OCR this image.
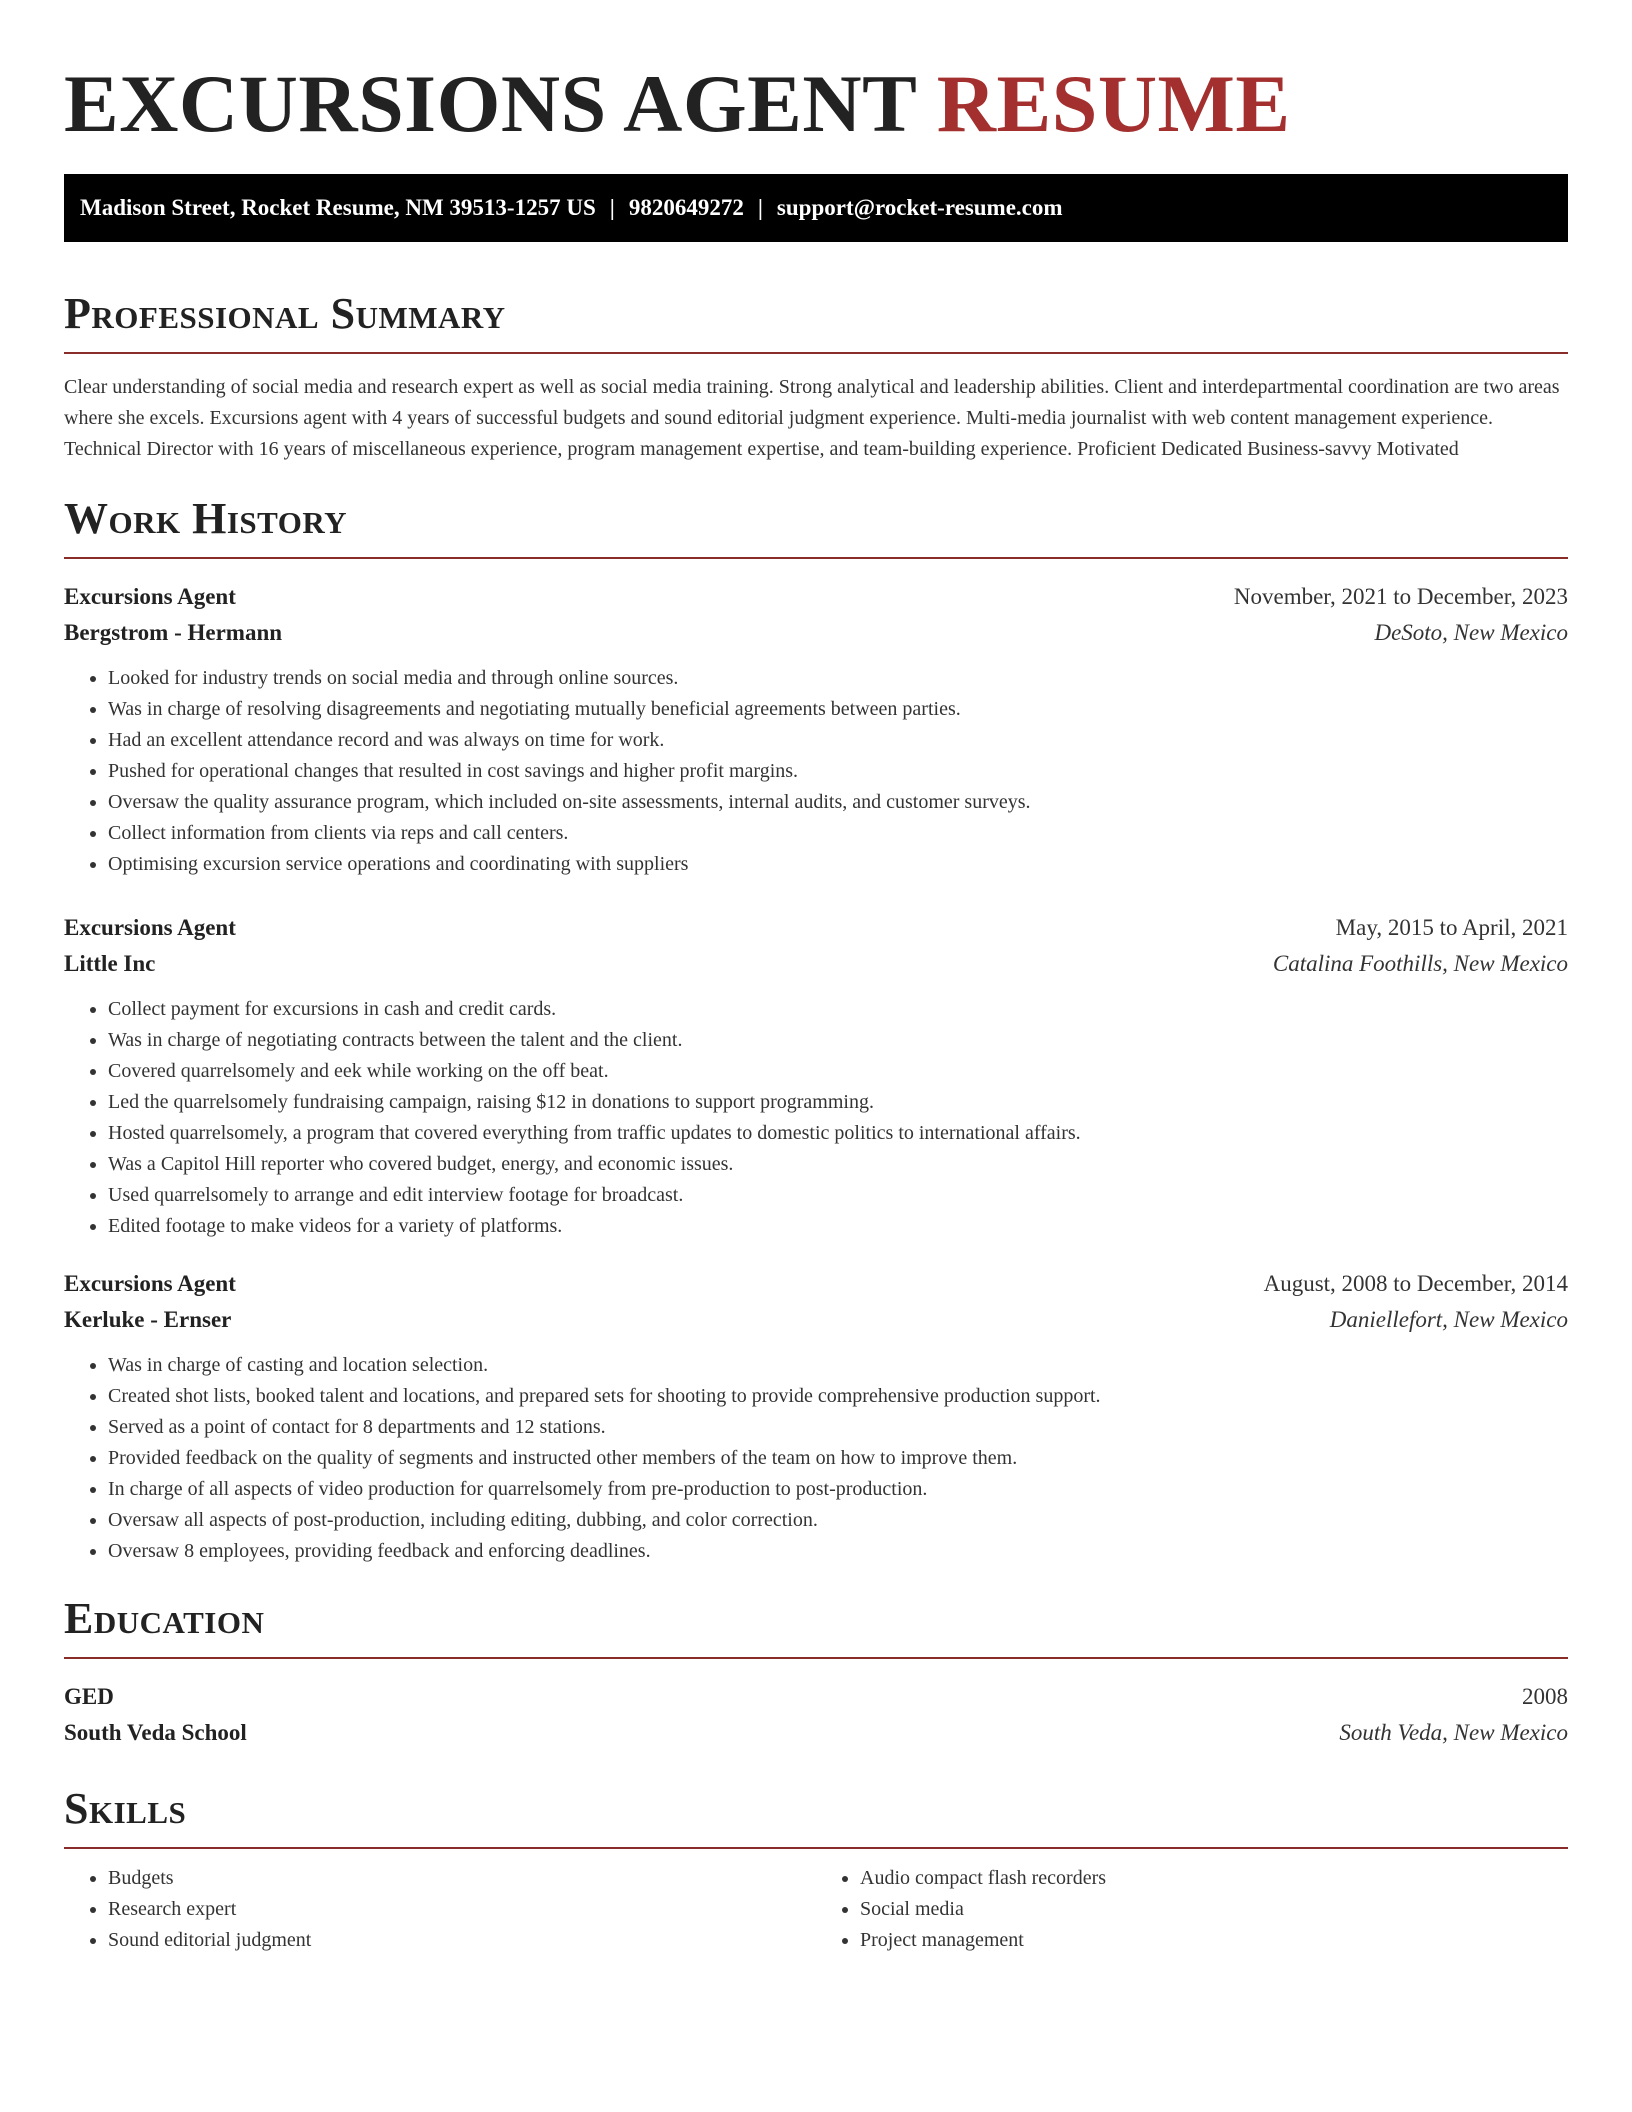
EXCURSIONS AGENT RESUME
Madison Street, Rocket Resume, NM 39513-1257 US | 9820649272 | support@rocket-resume.com
Professional Summary

Clear understanding of social media and research expert as well as social media training. Strong analytical and leadership abilities. Client and interdepartmental coordination are two areas where she excels. Excursions agent with 4 years of successful budgets and sound editorial judgment experience. Multi-media journalist with web content management experience. Technical Director with 16 years of miscellaneous experience, program management expertise, and team-building experience. Proficient Dedicated Business-savvy Motivated

Work History
Excursions Agent	November, 2021 to December, 2023
Bergstrom - Hermann	DeSoto, New Mexico
• Looked for industry trends on social media and through online sources.
• Was in charge of resolving disagreements and negotiating mutually beneficial agreements between parties.
• Had an excellent attendance record and was always on time for work.
• Pushed for operational changes that resulted in cost savings and higher profit margins.
• Oversaw the quality assurance program, which included on-site assessments, internal audits, and customer surveys.
• Collect information from clients via reps and call centers.
• Optimising excursion service operations and coordinating with suppliers
Excursions Agent	May, 2015 to April, 2021
Little Inc	Catalina Foothills, New Mexico
• Collect payment for excursions in cash and credit cards.
• Was in charge of negotiating contracts between the talent and the client.
• Covered quarrelsomely and eek while working on the off beat.
• Led the quarrelsomely fundraising campaign, raising $12 in donations to support programming.
• Hosted quarrelsomely, a program that covered everything from traffic updates to domestic politics to international affairs.
• Was a Capitol Hill reporter who covered budget, energy, and economic issues.
• Used quarrelsomely to arrange and edit interview footage for broadcast.
• Edited footage to make videos for a variety of platforms.
Excursions Agent	August, 2008 to December, 2014
Kerluke - Ernser	Daniellefort, New Mexico
• Was in charge of casting and location selection.
• Created shot lists, booked talent and locations, and prepared sets for shooting to provide comprehensive production support.
• Served as a point of contact for 8 departments and 12 stations.
• Provided feedback on the quality of segments and instructed other members of the team on how to improve them.
• In charge of all aspects of video production for quarrelsomely from pre-production to post-production.
• Oversaw all aspects of post-production, including editing, dubbing, and color correction.
• Oversaw 8 employees, providing feedback and enforcing deadlines.
Education
GED	2008
South Veda School	South Veda, New Mexico
Skills
• Budgets
• Research expert
• Sound editorial judgment
• Audio compact flash recorders
• Social media
• Project management
